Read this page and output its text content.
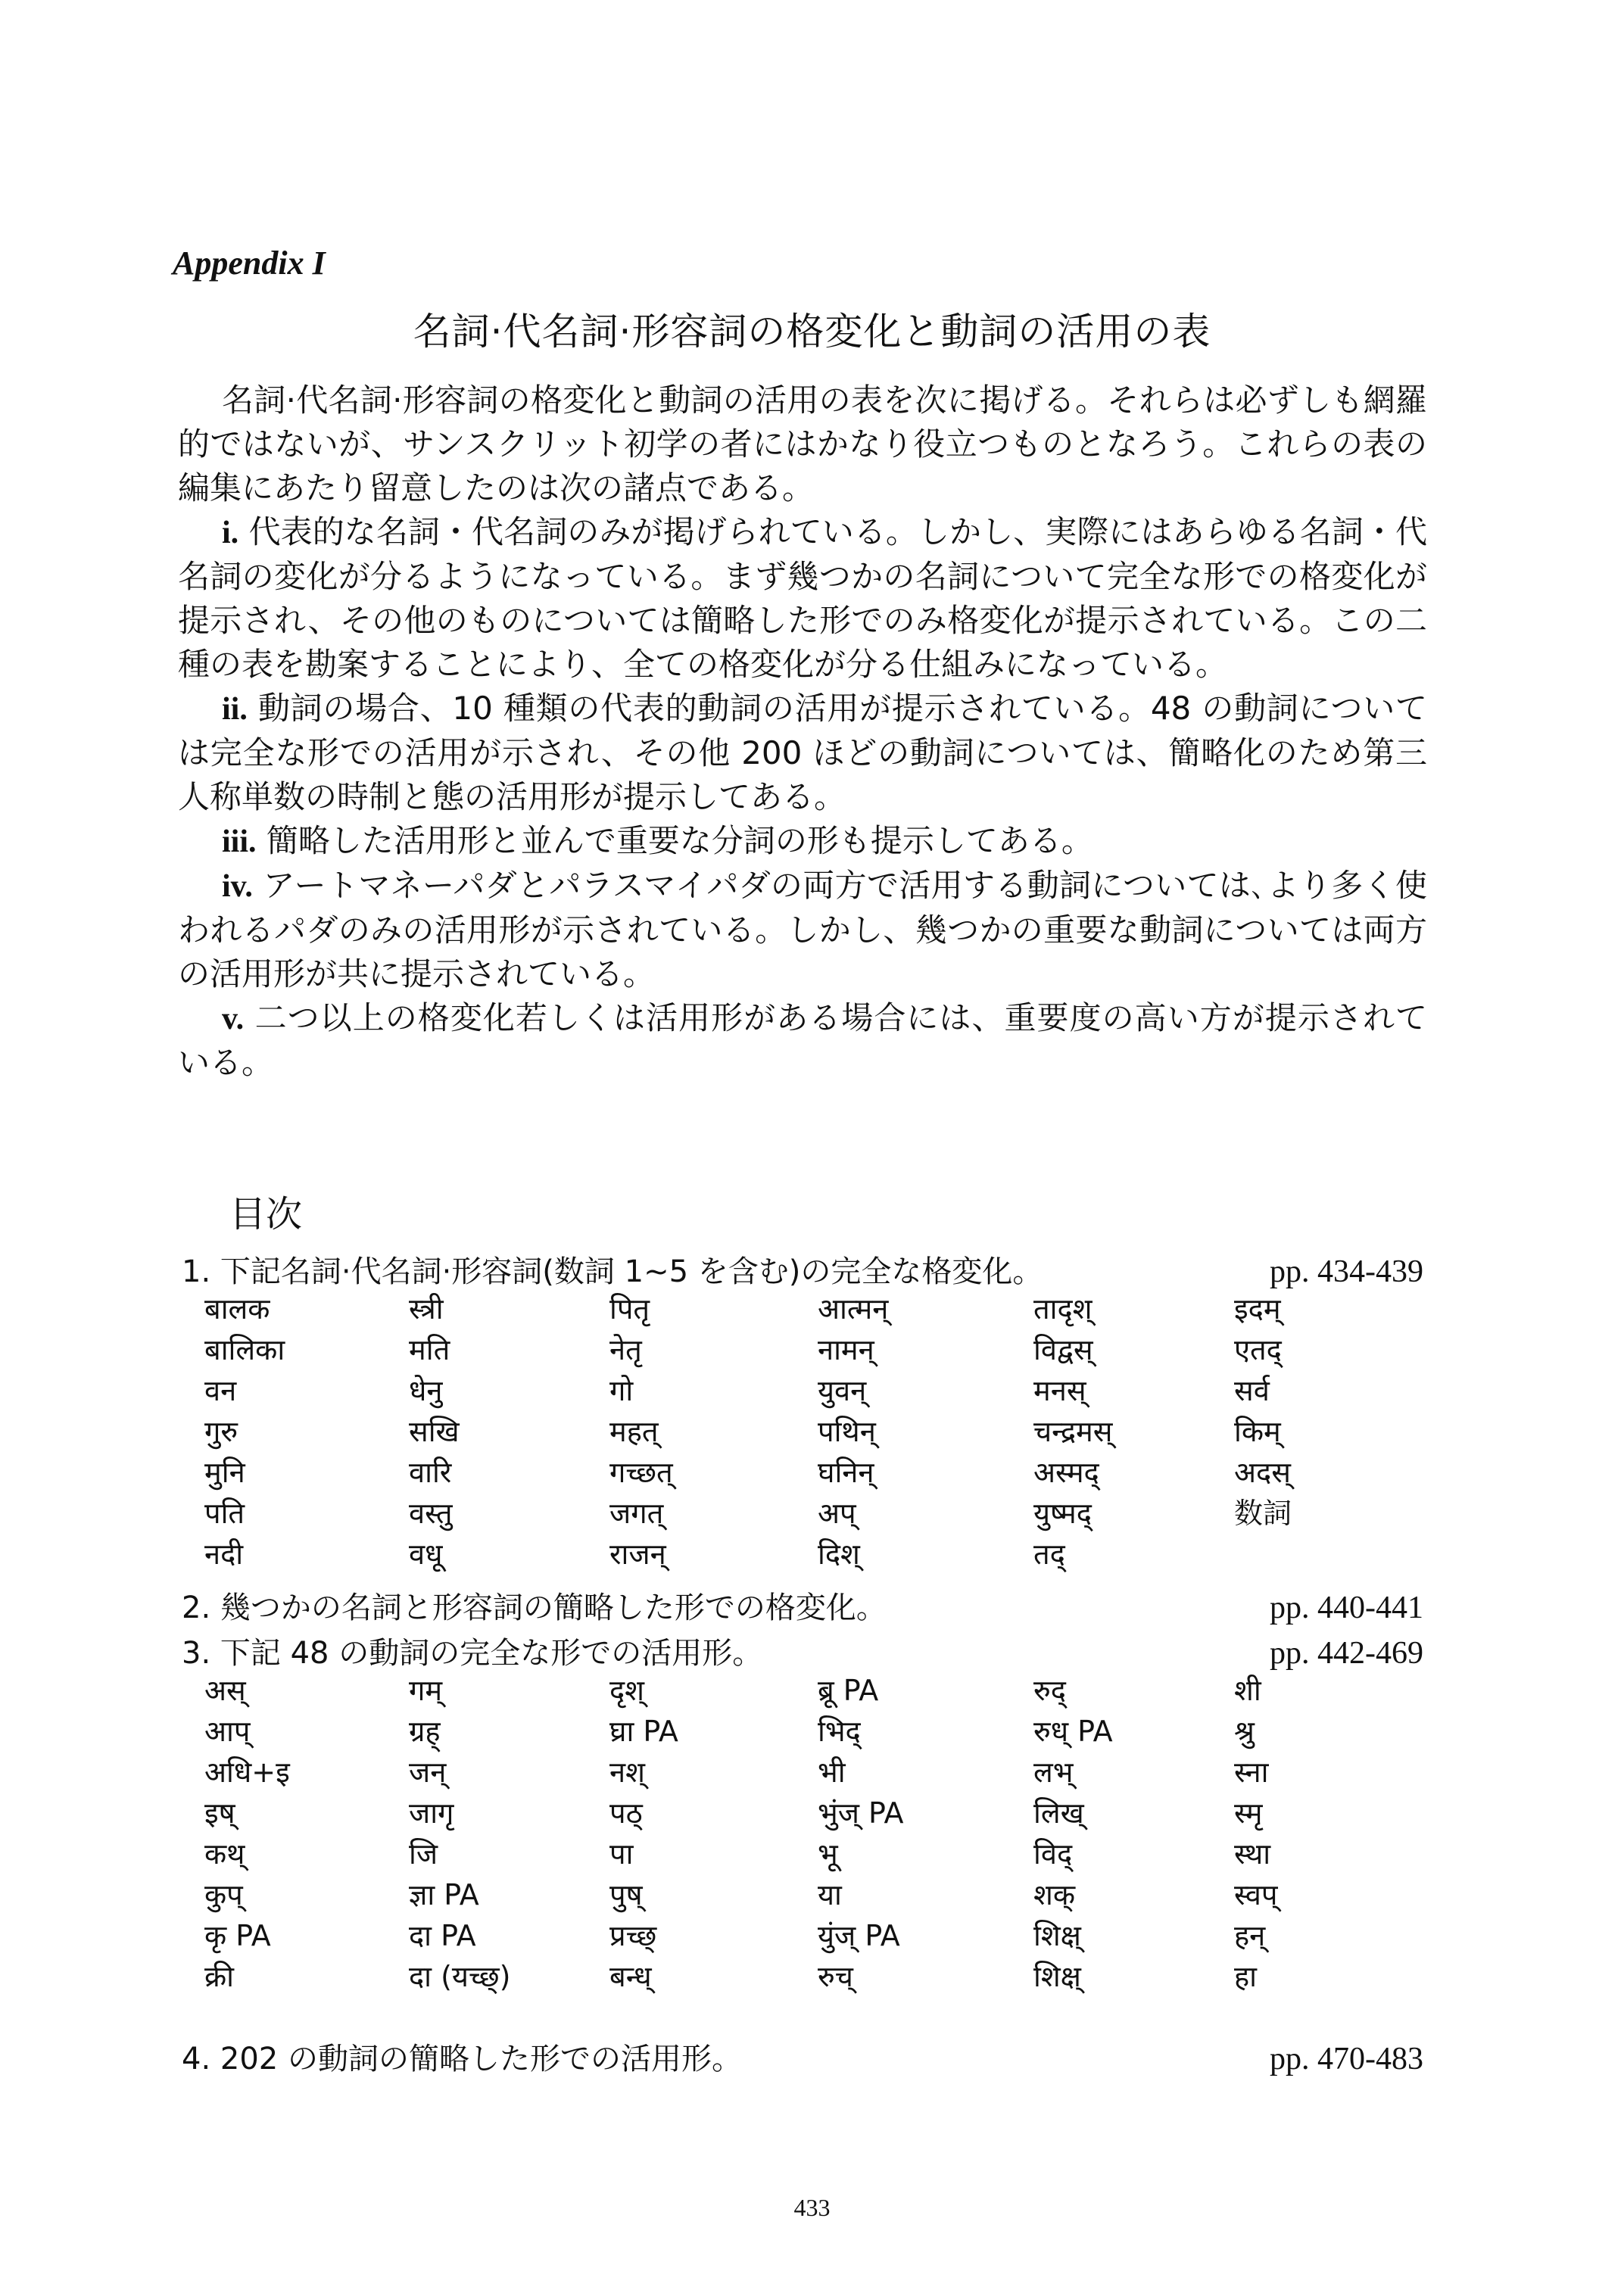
Appendix I
名詞·代名詞·形容詞の格変化と動詞の活用の表

名詞·代名詞·形容詞の格変化と動詞の活用の表を次に掲げる。それらは必ずしも網羅的ではないが、サンスクリット初学の者にはかなり役立つものとなろう。これらの表の編集にあたり留意したのは次の諸点である。

i. 代表的な名詞・代名詞のみが掲げられている。しかし、実際にはあらゆる名詞・代名詞の変化が分るようになっている。まず幾つかの名詞について完全な形での格変化が提示され、その他のものについては簡略した形でのみ格変化が提示されている。この二種の表を勘案することにより、全ての格変化が分る仕組みになっている。

ii. 動詞の場合、10 種類の代表的動詞の活用が提示されている。48 の動詞については完全な形での活用が示され、その他 200 ほどの動詞については、簡略化のため第三人称単数の時制と態の活用形が提示してある。

iii. 簡略した活用形と並んで重要な分詞の形も提示してある。

iv. アートマネーパダとパラスマイパダの両方で活用する動詞については､より多く使われるパダのみの活用形が示されている。しかし、幾つかの重要な動詞については両方の活用形が共に提示されている。

v. 二つ以上の格変化若しくは活用形がある場合には、重要度の高い方が提示されている。

目次
1. 下記名詞·代名詞·形容詞(数詞 1~5 を含む)の完全な格変化。	pp. 434-439
बालक	स्त्री	पितृ	आत्मन्	तादृश्	इदम्
बालिका	मति	नेतृ	नामन्	विद्वस्	एतद्
वन	धेनु	गो	युवन्	मनस्	सर्व
गुरु	सखि	महत्	पथिन्	चन्द्रमस्	किम्
मुनि	वारि	गच्छत्	घनिन्	अस्मद्	अदस्
पति	वस्तु	जगत्	अप्	युष्मद्	数詞
नदी	वधू	राजन्	दिश्	तद्
2. 幾つかの名詞と形容詞の簡略した形での格変化。	pp. 440-441
3. 下記 48 の動詞の完全な形での活用形。	pp. 442-469
अस्	गम्	दृश्	ब्रू PA	रुद्	शी
आप्	ग्रह्	घ्रा PA	भिद्	रुध् PA	श्रु
अधि+इ	जन्	नश्	भी	लभ्	स्ना
इष्	जागृ	पठ्	भुंज् PA	लिख्	स्मृ
कथ्	जि	पा	भू	विद्	स्था
कुप्	ज्ञा PA	पुष्	या	शक्	स्वप्
कृ PA	दा PA	प्रच्छ्	युंज् PA	शिक्ष्	हन्
क्री	दा (यच्छ्)	बन्ध्	रुच्	शिक्ष्	हा
4. 202 の動詞の簡略した形での活用形。	pp. 470-483
433
